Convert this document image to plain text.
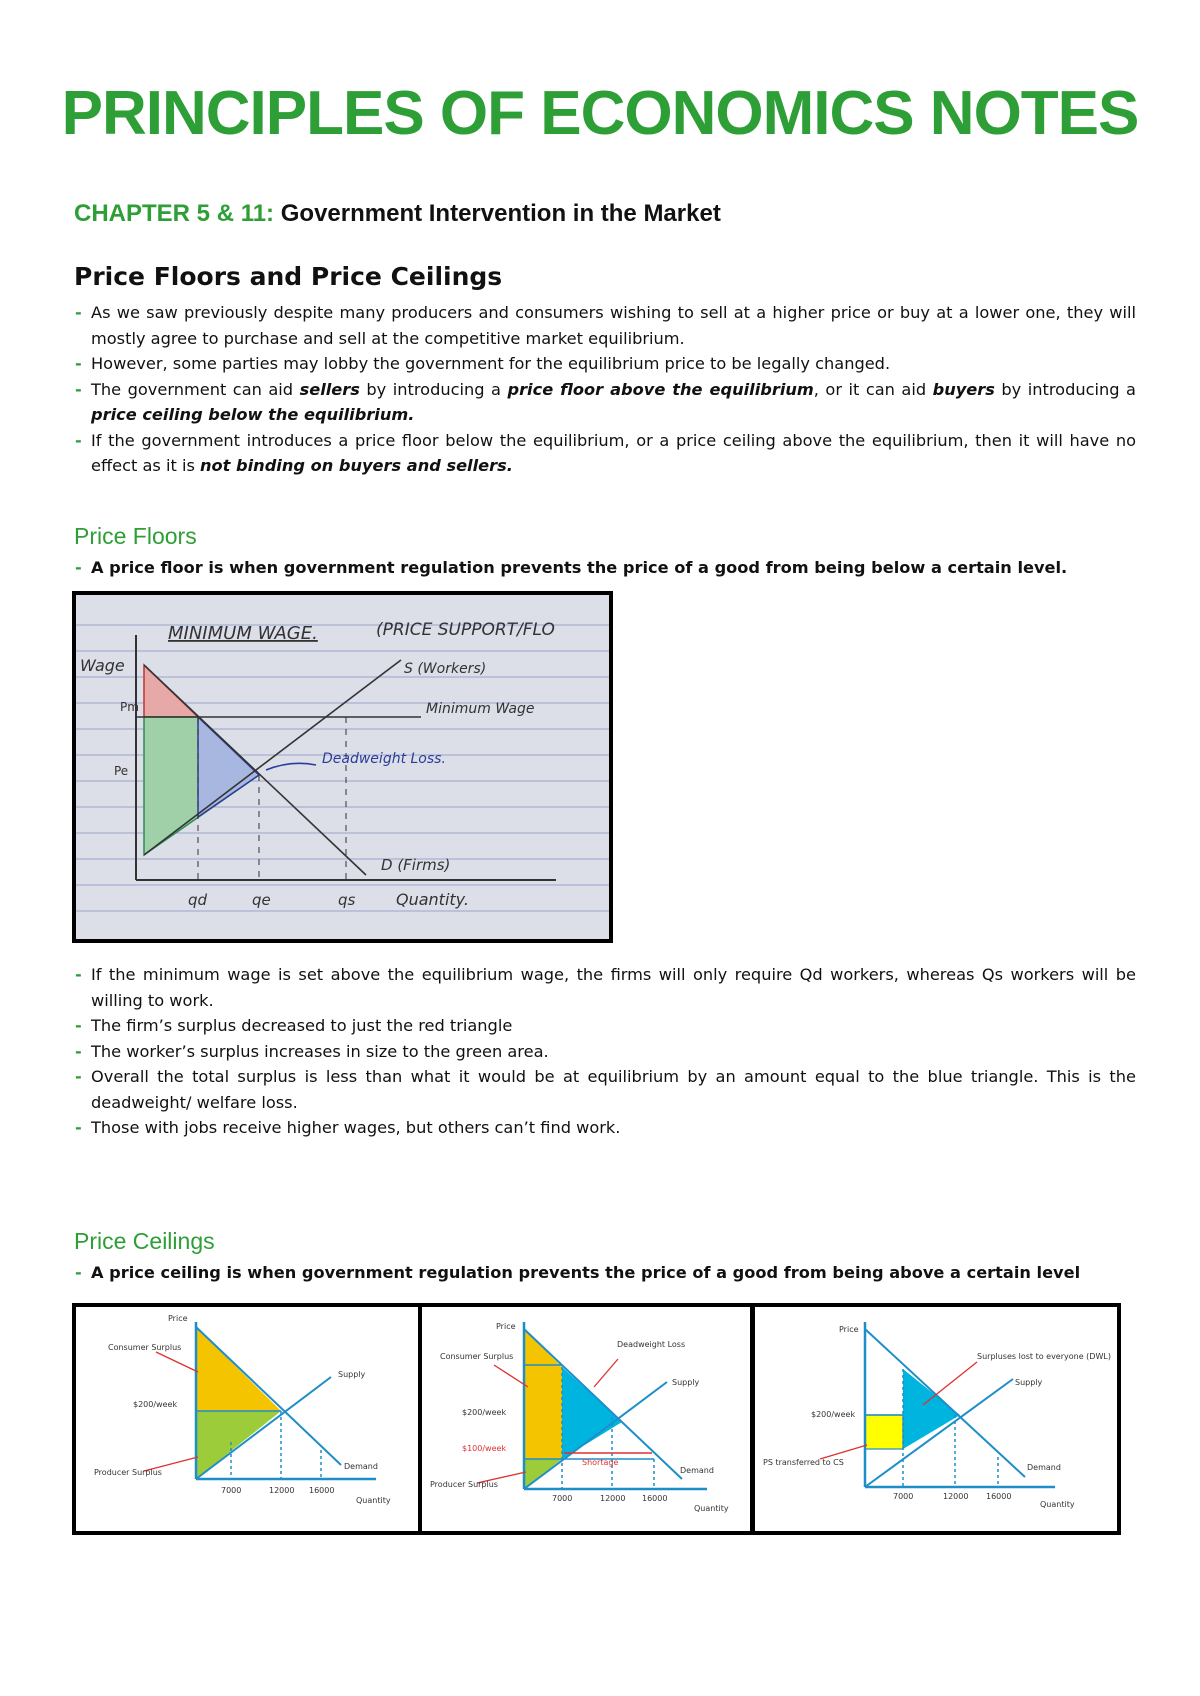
PRINCIPLES OF ECONOMICS NOTES
CHAPTER 5 & 11: Government Intervention in the Market
Price Floors and Price Ceilings
- As we saw previously despite many producers and consumers wishing to sell at a higher price or buy at a lower one, they will mostly agree to purchase and sell at the competitive market equilibrium.
- However, some parties may lobby the government for the equilibrium price to be legally changed.
- The government can aid sellers by introducing a price floor above the equilibrium, or it can aid buyers by introducing a price ceiling below the equilibrium.
- If the government introduces a price floor below the equilibrium, or a price ceiling above the equilibrium, then it will have no effect as it is not binding on buyers and sellers.
Price Floors
- A price floor is when government regulation prevents the price of a good from being below a certain level.
MINIMUM WAGE.	(PRICE SUPPORT/FLO
Wage
Pm
Pe
S (Workers)
Minimum Wage
Deadweight Loss.
D (Firms)
qd	qe	qs	Quantity.
- If the minimum wage is set above the equilibrium wage, the firms will only require Qd workers, whereas Qs workers will be willing to work.
- The firm’s surplus decreased to just the red triangle
- The worker’s surplus increases in size to the green area.
- Overall the total surplus is less than what it would be at equilibrium by an amount equal to the blue triangle. This is the deadweight/ welfare loss.
- Those with jobs receive higher wages, but others can’t find work.
Price Ceilings
- A price ceiling is when government regulation prevents the price of a good from being above a certain level
Price
Consumer Surplus
Supply
$200/week
Producer Surplus
Demand
7000	12000 16000
Quantity
Price
Consumer Surplus
Deadweight Loss
Supply
$200/week
$100/week
Shortage
Demand
Producer Surplus
7000	12000 16000
Quantity
Price
Surpluses lost to everyone (DWL)
Supply
$200/week
PS transferred to CS
Demand
7000	12000 16000
Quantity
